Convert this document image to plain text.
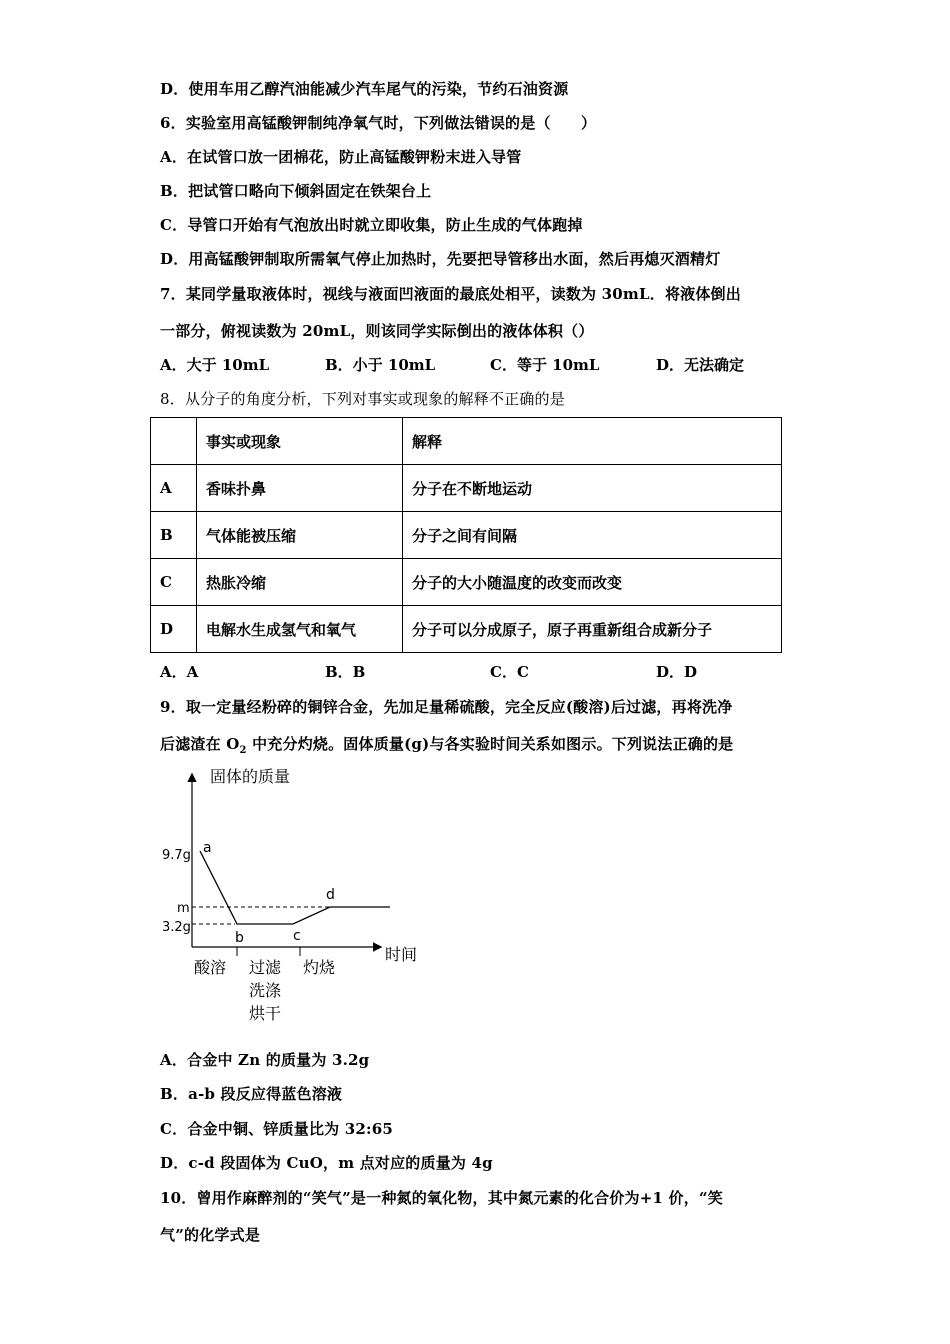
D．使用车用乙醇汽油能减少汽车尾气的污染，节约石油资源
6．实验室用高锰酸钾制纯净氧气时，下列做法错误的是（　　）
A．在试管口放一团棉花，防止高锰酸钾粉末进入导管
B．把试管口略向下倾斜固定在铁架台上
C．导管口开始有气泡放出时就立即收集，防止生成的气体跑掉
D．用高锰酸钾制取所需氧气停止加热时，先要把导管移出水面，然后再熄灭酒精灯
7．某同学量取液体时，视线与液面凹液面的最底处相平，读数为 30mL．将液体倒出
一部分，俯视读数为 20mL，则该同学实际倒出的液体体积（）
A．大于 10mL	B．小于 10mL	C．等于 10mL	D．无法确定
8．从分子的角度分析，下列对事实或现象的解释不正确的是
	事实或现象	解释
A	香味扑鼻	分子在不断地运动
B	气体能被压缩	分子之间有间隔
C	热胀冷缩	分子的大小随温度的改变而改变
D	电解水生成氢气和氧气	分子可以分成原子，原子再重新组合成新分子
A．A	B．B	C．C	D．D
9．取一定量经粉碎的铜锌合金，先加足量稀硫酸，完全反应(酸溶)后过滤，再将洗净
后滤渣在 $O_2$ 中充分灼烧。固体质量(g)与各实验时间关系如图示。下列说法正确的是
固体的质量
时间
9.7g
m
3.2g
a
b	c
d
酸溶 过滤
洗涤
烘干
灼烧
A．合金中 Zn 的质量为 3.2g
B．a-b 段反应得蓝色溶液
C．合金中铜、锌质量比为 32:65
D．c-d 段固体为 CuO，m 点对应的质量为 4g
10．曾用作麻醉剂的“笑气”是一种氮的氧化物，其中氮元素的化合价为+1 价，“笑
气”的化学式是
